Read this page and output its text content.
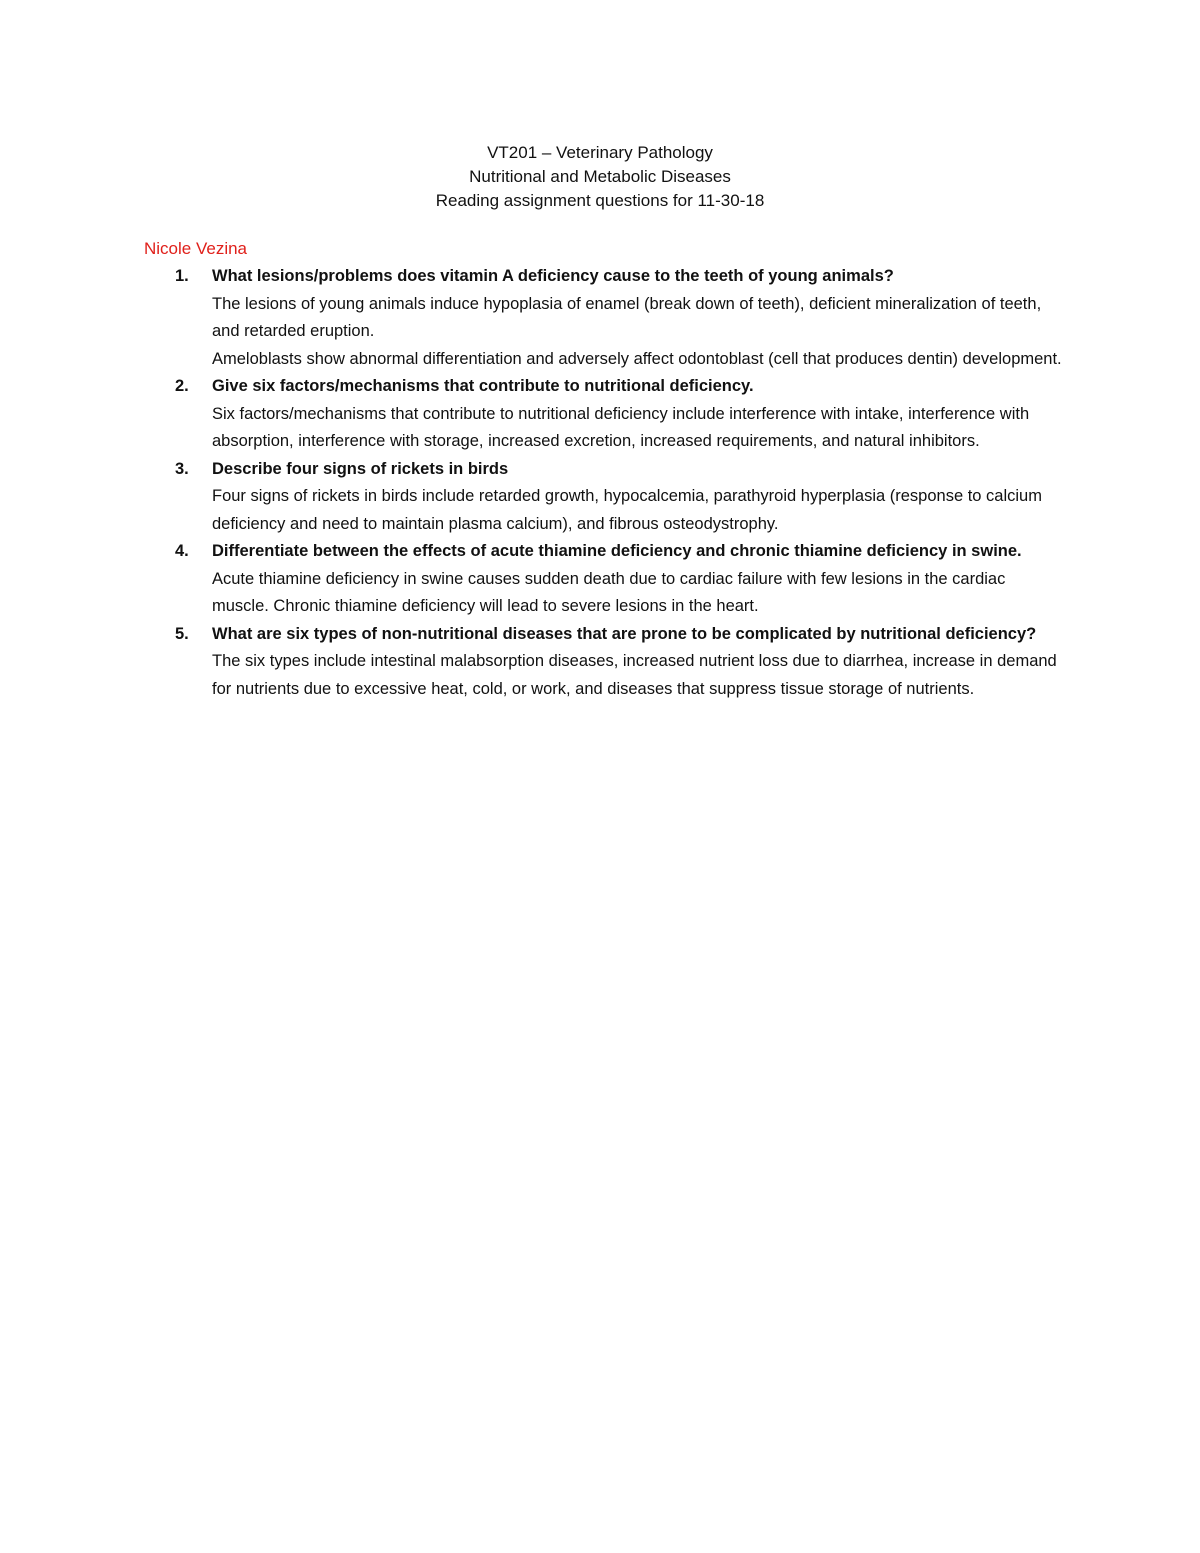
VT201 – Veterinary Pathology
Nutritional and Metabolic Diseases
Reading assignment questions for 11-30-18
Nicole Vezina
1. What lesions/problems does vitamin A deficiency cause to the teeth of young animals?

The lesions of young animals induce hypoplasia of enamel (break down of teeth), deficient mineralization of teeth, and retarded eruption.

Ameloblasts show abnormal differentiation and adversely affect odontoblast (cell that produces dentin) development.

2. Give six factors/mechanisms that contribute to nutritional deficiency.

Six factors/mechanisms that contribute to nutritional deficiency include interference with intake, interference with absorption, interference with storage, increased excretion, increased requirements, and natural inhibitors.

3. Describe four signs of rickets in birds

Four signs of rickets in birds include retarded growth, hypocalcemia, parathyroid hyperplasia (response to calcium deficiency and need to maintain plasma calcium), and fibrous osteodystrophy.

4. Differentiate between the effects of acute thiamine deficiency and chronic thiamine deficiency in swine.

Acute thiamine deficiency in swine causes sudden death due to cardiac failure with few lesions in the cardiac muscle. Chronic thiamine deficiency will lead to severe lesions in the heart.

5. What are six types of non-nutritional diseases that are prone to be complicated by nutritional deficiency?

The six types include intestinal malabsorption diseases, increased nutrient loss due to diarrhea, increase in demand for nutrients due to excessive heat, cold, or work, and diseases that suppress tissue storage of nutrients.
